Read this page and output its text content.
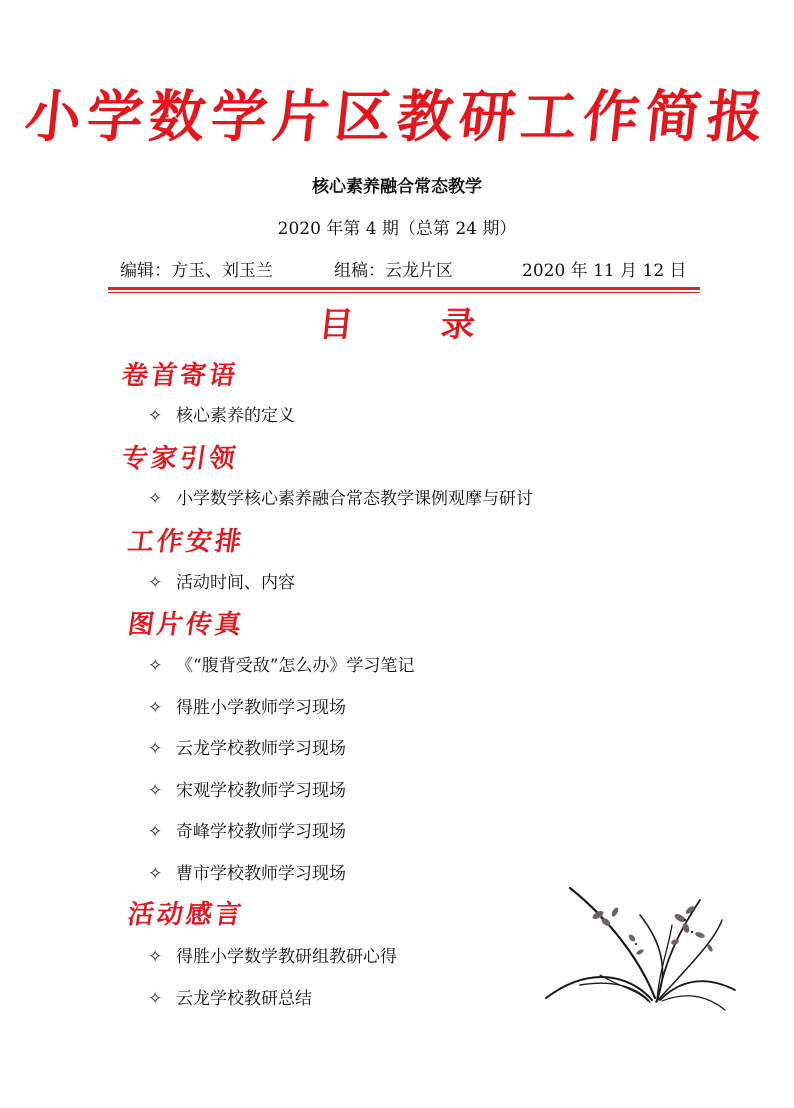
小学数学片区教研工作简报
核心素养融合常态教学
2020 年第 4 期（总第 24 期）
编辑：方玉、刘玉兰	组稿：云龙片区	2020 年 11 月 12 日
目 录
卷首寄语
✧ 核心素养的定义
专家引领
✧ 小学数学核心素养融合常态教学课例观摩与研讨
工作安排
✧ 活动时间、内容
图片传真
✧ 《“腹背受敌”怎么办》学习笔记
✧ 得胜小学教师学习现场
✧ 云龙学校教师学习现场
✧ 宋观学校教师学习现场
✧ 奇峰学校教师学习现场
✧ 曹市学校教师学习现场
活动感言
✧ 得胜小学数学教研组教研心得
✧ 云龙学校教研总结
